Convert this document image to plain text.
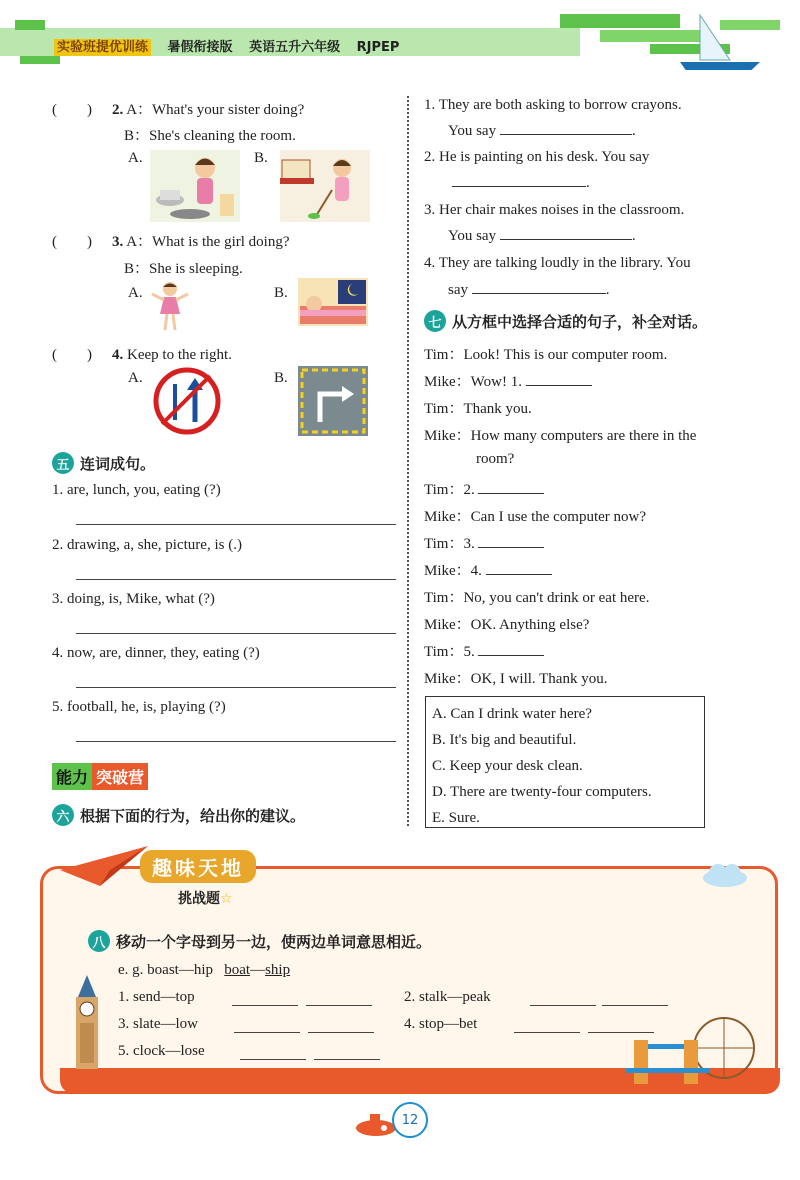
实验班提优训练 暑假衔接版 英语五升六年级 RJPEP
(　　) 2. A：What's your sister doing?
B：She's cleaning the room.
A.	B.
(　　) 3. A：What is the girl doing?
B：She is sleeping.
A.	B.
(　　) 4. Keep to the right.
A.	B.
五 连词成句。
1. are, lunch, you, eating (?)
2. drawing, a, she, picture, is (.)
3. doing, is, Mike, what (?)
4. now, are, dinner, they, eating (?)
5. football, he, is, playing (?)
能力 突破营
六 根据下面的行为，给出你的建议。
1. They are both asking to borrow crayons.
You say	.
2. He is painting on his desk. You say
.
3. Her chair makes noises in the classroom.
You say	.
4. They are talking loudly in the library. You
say	.
七 从方框中选择合适的句子，补全对话。
Tim：Look! This is our computer room.
Mike：Wow! 1.
Tim：Thank you.
Mike：How many computers are there in the
room?
Tim：2.
Mike：Can I use the computer now?
Tim：3.
Mike：4.
Tim：No, you can't drink or eat here.
Mike：OK. Anything else?
Tim：5.
Mike：OK, I will. Thank you.
A. Can I drink water here?
B. It's big and beautiful.
C. Keep your desk clean.
D. There are twenty-four computers.
E. Sure.
趣味天地
挑战题☆
八 移动一个字母到另一边，使两边单词意思相近。
e. g. boast—hip boat—ship
1. send—top	2. stalk—peak
3. slate—low	4. stop—bet
5. clock—lose
12
